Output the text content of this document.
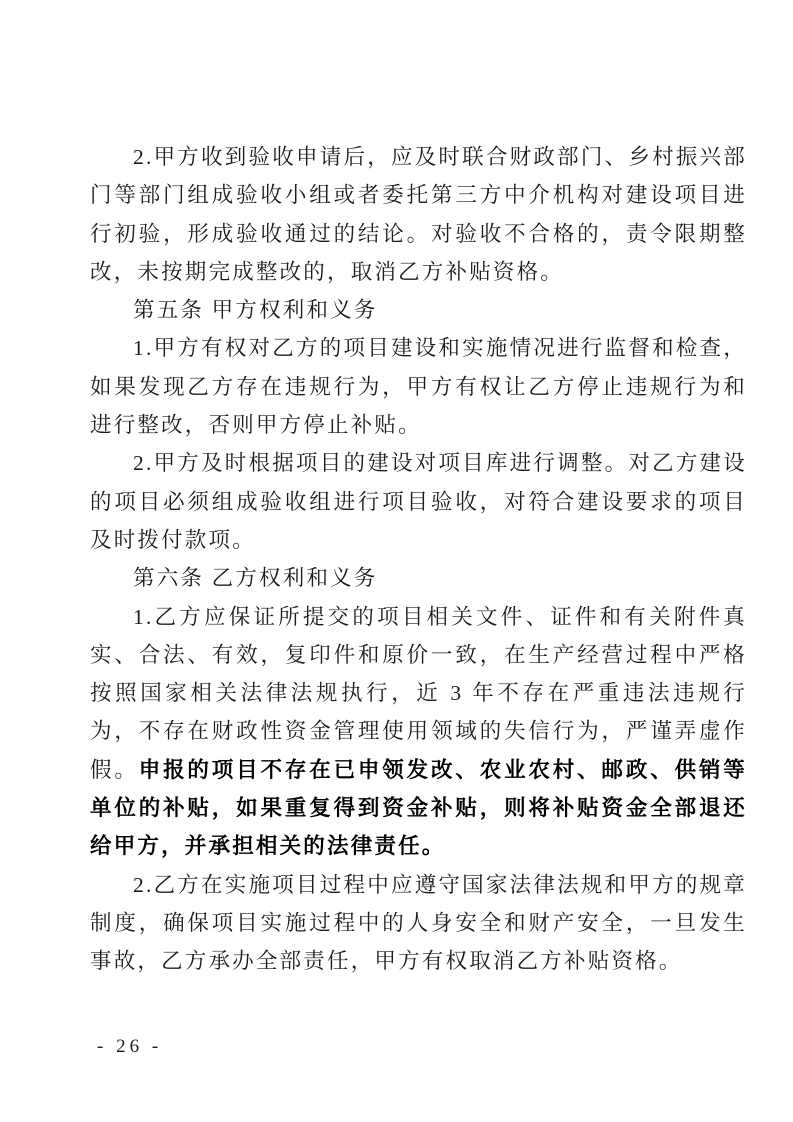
2.甲方收到验收申请后，应及时联合财政部门、乡村振兴部门等部门组成验收小组或者委托第三方中介机构对建设项目进行初验，形成验收通过的结论。对验收不合格的，责令限期整改，未按期完成整改的，取消乙方补贴资格。

第五条 甲方权利和义务

1.甲方有权对乙方的项目建设和实施情况进行监督和检查，如果发现乙方存在违规行为，甲方有权让乙方停止违规行为和进行整改，否则甲方停止补贴。

2.甲方及时根据项目的建设对项目库进行调整。对乙方建设的项目必须组成验收组进行项目验收，对符合建设要求的项目及时拨付款项。

第六条 乙方权利和义务

1.乙方应保证所提交的项目相关文件、证件和有关附件真实、合法、有效，复印件和原价一致，在生产经营过程中严格按照国家相关法律法规执行，近 3 年不存在严重违法违规行为，不存在财政性资金管理使用领域的失信行为，严谨弄虚作假。申报的项目不存在已申领发改、农业农村、邮政、供销等单位的补贴，如果重复得到资金补贴，则将补贴资金全部退还给甲方，并承担相关的法律责任。

2.乙方在实施项目过程中应遵守国家法律法规和甲方的规章制度，确保项目实施过程中的人身安全和财产安全，一旦发生事故，乙方承办全部责任，甲方有权取消乙方补贴资格。

- 26 -
